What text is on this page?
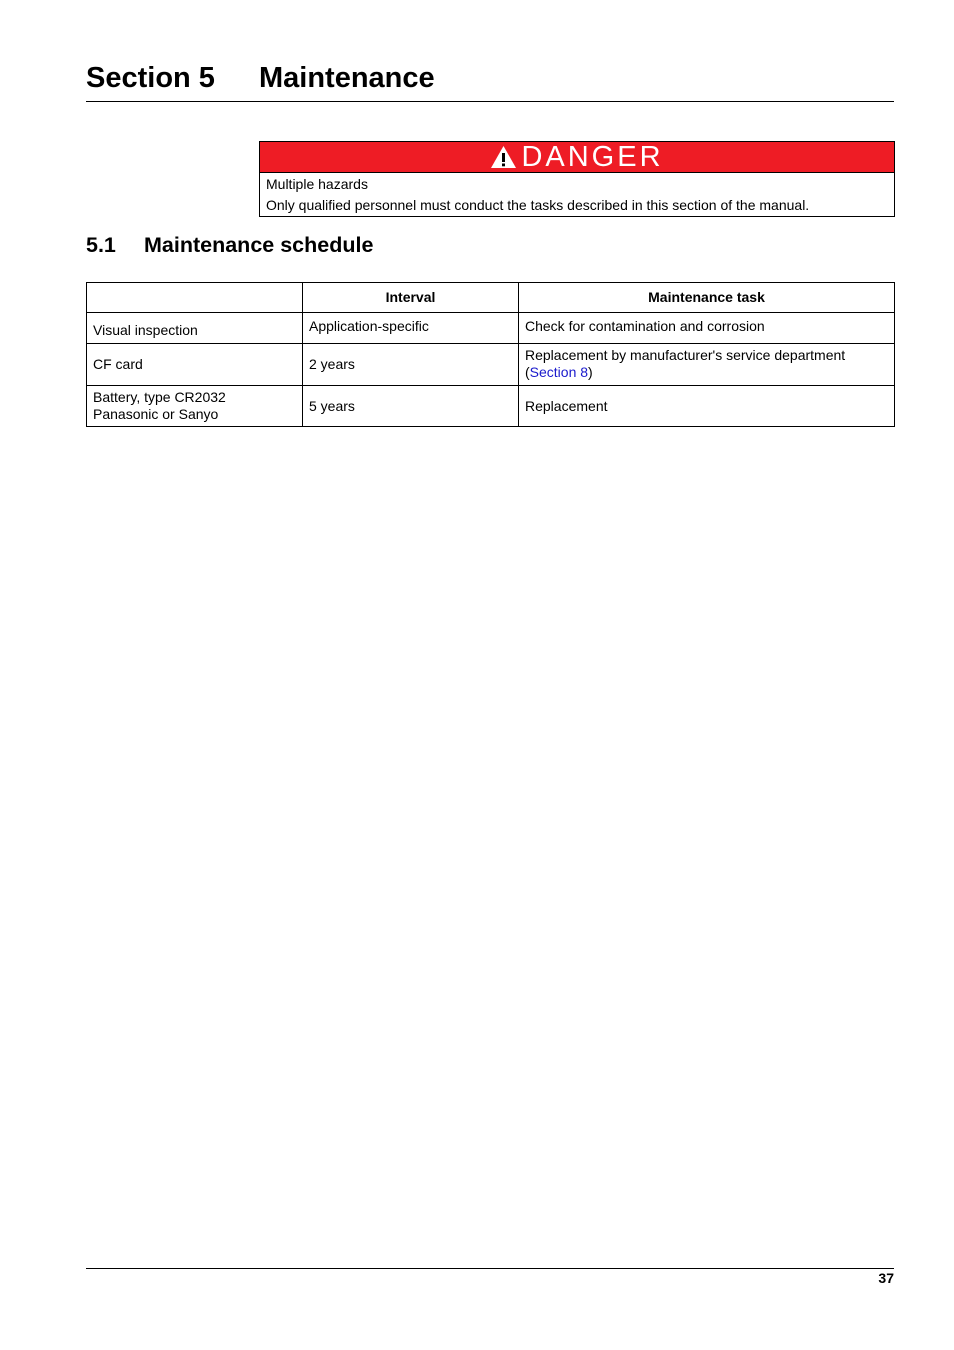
Section 5 Maintenance
DANGER
Multiple hazards
Only qualified personnel must conduct the tasks described in this section of the manual.
5.1 Maintenance schedule
	Interval	Maintenance task
Visual inspection	Application-specific	Check for contamination and corrosion
CF card	2 years	Replacement by manufacturer's service department
(Section 8)

Battery, type CR2032
Panasonic or Sanyo	5 years	Replacement
37
